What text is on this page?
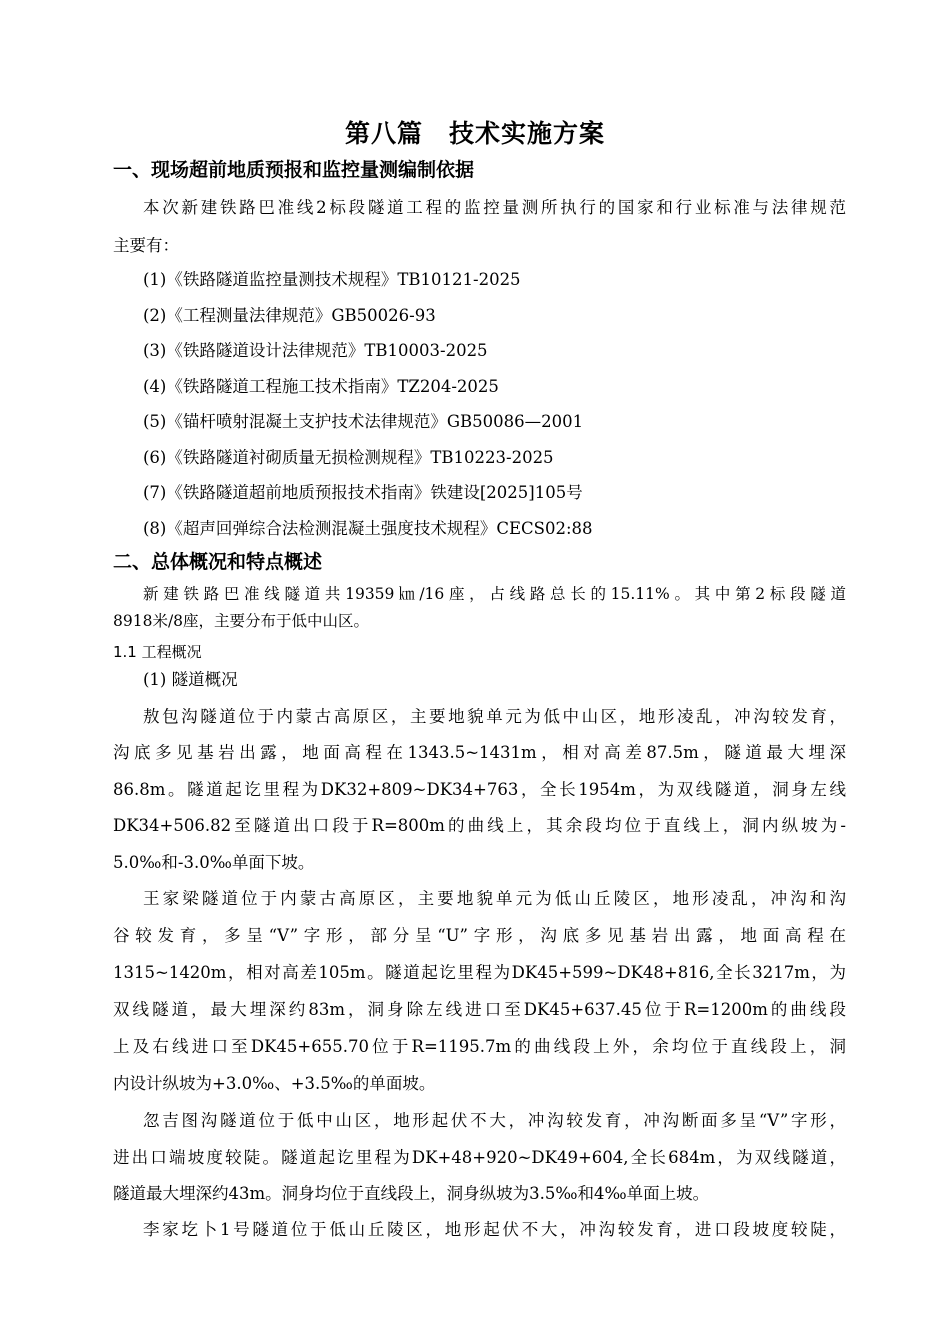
第八篇　技术实施方案
一、现场超前地质预报和监控量测编制依据
本次新建铁路巴准线2标段隧道工程的监控量测所执行的国家和行业标准与法律规范
主要有：
(1)《铁路隧道监控量测技术规程》TB10121-2025
(2)《工程测量法律规范》GB50026-93
(3)《铁路隧道设计法律规范》TB10003-2025
(4)《铁路隧道工程施工技术指南》TZ204-2025
(5)《锚杆喷射混凝土支护技术法律规范》GB50086—2001
(6)《铁路隧道衬砌质量无损检测规程》TB10223-2025
(7)《铁路隧道超前地质预报技术指南》铁建设[2025]105号
(8)《超声回弹综合法检测混凝土强度技术规程》CECS02:88
二、总体概况和特点概述
新建铁路巴准线隧道共19359㎞/16座，占线路总长的15.11%。其中第2标段隧道
8918米/8座，主要分布于低中山区。
1.1 工程概况
(1) 隧道概况
敖包沟隧道位于内蒙古高原区，主要地貌单元为低中山区，地形凌乱，冲沟较发育，
沟底多见基岩出露，地面高程在1343.5~1431m，相对高差87.5m，隧道最大埋深
86.8m。隧道起讫里程为DK32+809~DK34+763，全长1954m，为双线隧道，洞身左线
DK34+506.82至隧道出口段于R=800m的曲线上，其余段均位于直线上，洞内纵坡为-
5.0‰和-3.0‰单面下坡。
王家梁隧道位于内蒙古高原区，主要地貌单元为低山丘陵区，地形凌乱，冲沟和沟
谷较发育，多呈“V”字形，部分呈“U”字形，沟底多见基岩出露，地面高程在
1315~1420m，相对高差105m。隧道起讫里程为DK45+599~DK48+816,全长3217m，为
双线隧道，最大埋深约83m，洞身除左线进口至DK45+637.45位于R=1200m的曲线段
上及右线进口至DK45+655.70位于R=1195.7m的曲线段上外，余均位于直线段上，洞
内设计纵坡为+3.0‰、+3.5‰的单面坡。
忽吉图沟隧道位于低中山区，地形起伏不大，冲沟较发育，冲沟断面多呈“V”字形，
进出口端坡度较陡。隧道起讫里程为DK+48+920~DK49+604,全长684m，为双线隧道，
隧道最大埋深约43m。洞身均位于直线段上，洞身纵坡为3.5‰和4‰单面上坡。
李家圪卜1号隧道位于低山丘陵区，地形起伏不大，冲沟较发育，进口段坡度较陡，
